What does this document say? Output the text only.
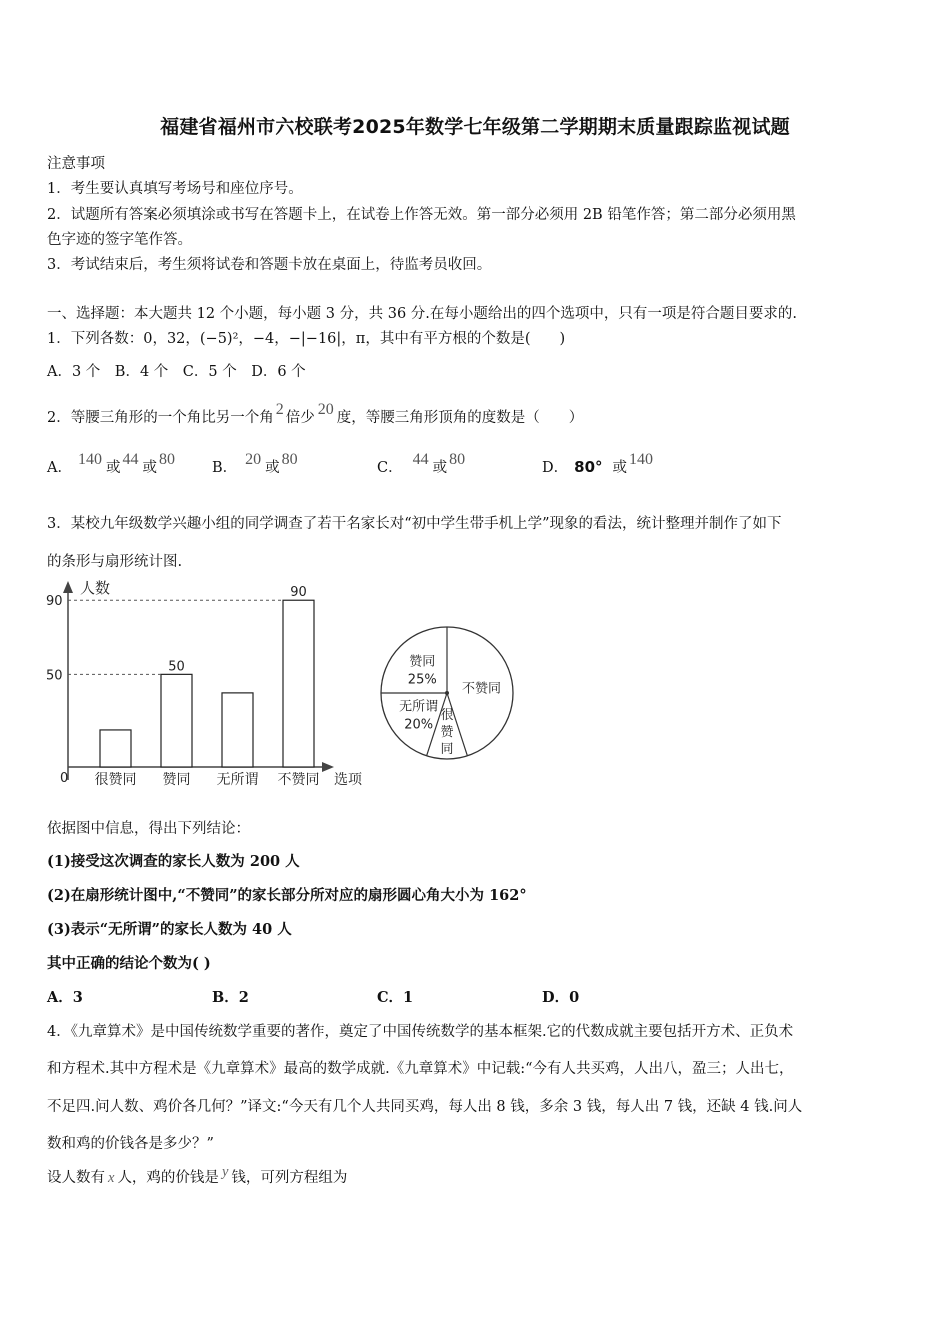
福建省福州市六校联考2025年数学七年级第二学期期末质量跟踪监视试题
注意事项
1．考生要认真填写考场号和座位序号。
2．试题所有答案必须填涂或书写在答题卡上，在试卷上作答无效。第一部分必须用 2B 铅笔作答；第二部分必须用黑
色字迹的签字笔作答。
3．考试结束后，考生须将试卷和答题卡放在桌面上，待监考员收回。
一、选择题：本大题共 12 个小题，每小题 3 分，共 36 分.在每小题给出的四个选项中，只有一项是符合题目要求的.
1．下列各数：0，32，(−5)²，−4，−|−16|，π，其中有平方根的个数是(　　)
A．3 个　B．4 个　C．5 个　D．6 个
2．等腰三角形的一个角比另一个角 2 倍少 20 度，等腰三角形顶角的度数是（　　）
A． 140 或 44 或 80	B． 20 或 80	C． 44 或 80	D． 80° 或 140
3．某校九年级数学兴趣小组的同学调查了若干名家长对“初中学生带手机上学”现象的看法，统计整理并制作了如下
的条形与扇形统计图.
人数
选项
0
50
90
很赞同 赞同
50
无所谓 不赞同
90
赞同
25%
不赞同
很
赞
同
无所谓
20%
依据图中信息，得出下列结论：
(1)接受这次调查的家长人数为 200 人
(2)在扇形统计图中,“不赞同”的家长部分所对应的扇形圆心角大小为 162°
(3)表示“无所谓”的家长人数为 40 人
其中正确的结论个数为( )
A．3	B．2	C．1	D．0
4．《九章算术》是中国传统数学重要的著作，奠定了中国传统数学的基本框架.它的代数成就主要包括开方术、正负术
和方程术.其中方程术是《九章算术》最高的数学成就.《九章算术》中记载:“今有人共买鸡，人出八，盈三；人出七，
不足四.问人数、鸡价各几何？”译文:“今天有几个人共同买鸡，每人出 8 钱，多余 3 钱，每人出 7 钱，还缺 4 钱.问人
数和鸡的价钱各是多少？”
设人数有 x 人，鸡的价钱是 y 钱，可列方程组为
